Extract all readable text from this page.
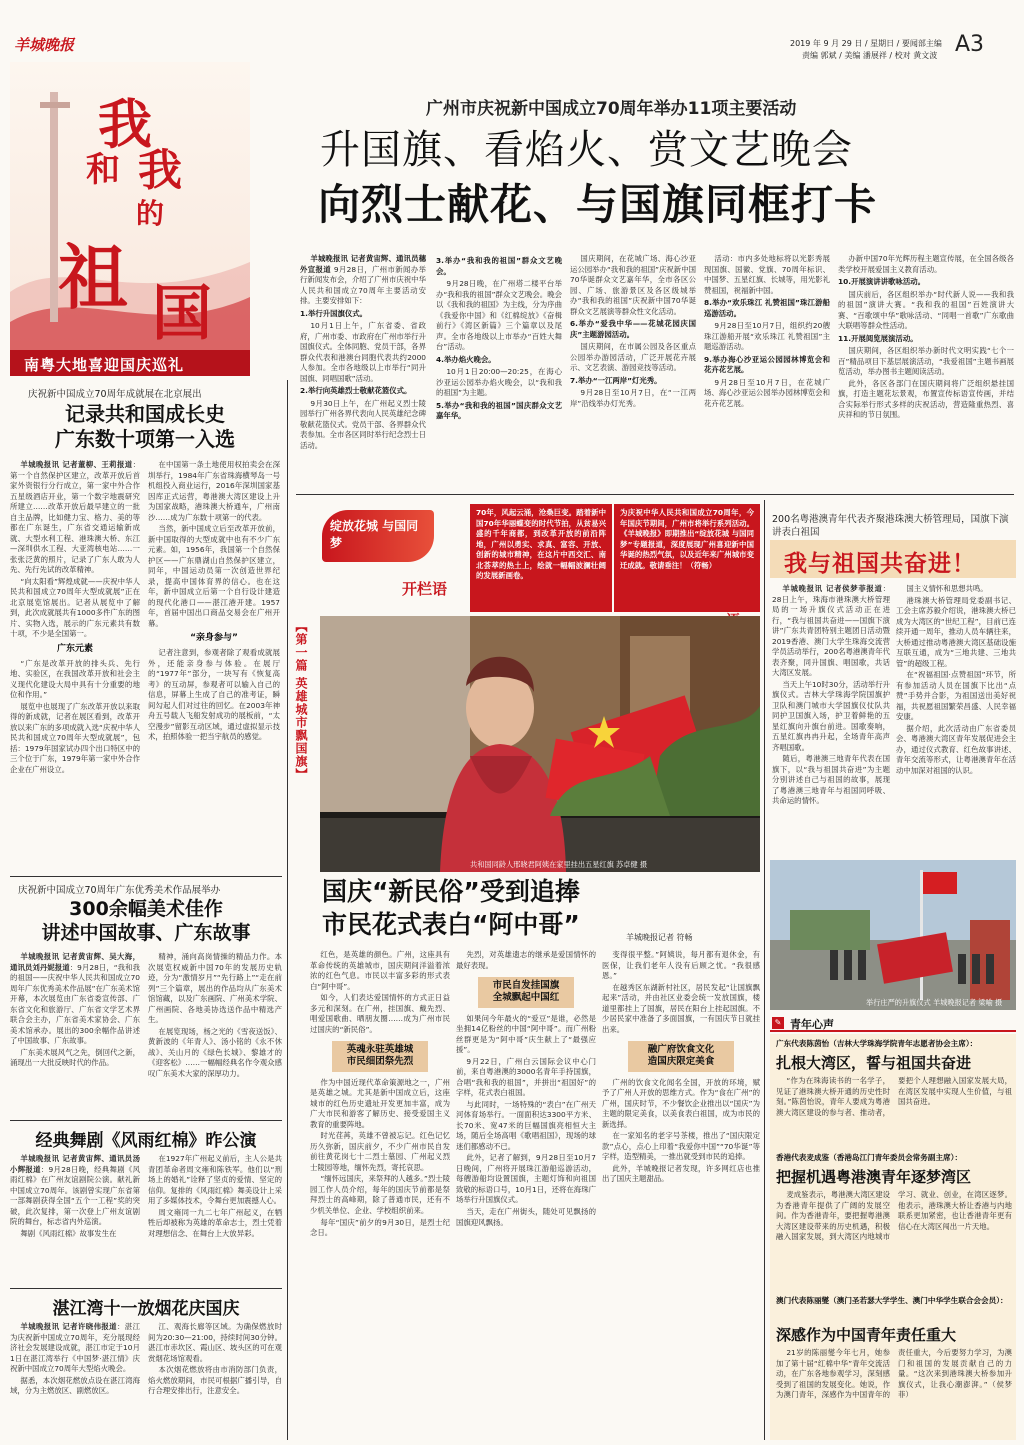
羊城晚报	2019 年 9 月 29 日 / 星期日 / 要闻部主编
责编 郭斌 / 美编 潘展祥 / 校对 黄文波 A3
我
和 我
的
祖 国
南粤大地喜迎国庆巡礼
庆祝新中国成立70周年成就展在北京展出
记录共和国成长史
广东数十项第一入选

羊城晚报讯 记者董柳、王莉报道：第一个自然保护区建立，改革开放后首家外资银行分行成立，第一家中外合作五星级酒店开业，第一个数字地震研究所建立……改革开放后最早建立的一批自主品牌，比如健力宝、格力、美的等都在广东诞生，广东省交通运输新成就、大型水利工程、港珠澳大桥、东江—深圳供水工程、大亚湾核电站……一张张泛黄的照片，记录了广东人敢为人先、先行先试的改革精神。

“向太阳看”辉煌成就——庆祝中华人民共和国成立70周年大型成就展”正在北京展览馆展出。记者从展览中了解到，此次成就展共有1000多件广东的图片、实物入选，展示的广东元素共有数十项，不少是全国第一。

广东元素

“广东是改革开放的排头兵、先行地、实验区，在我国改革开放和社会主义现代化建设大局中具有十分重要的地位和作用。”

展览中也展现了广东改革开放以来取得的新成就，记者在展区看到，改革开放以来广东的多项成就入选“庆祝中华人民共和国成立70周年大型成就展”，包括：1979年国家试办四个出口特区中的三个位于广东，1979年第一家中外合作企业在广州设立。

在中国第一条土地使用权拍卖会在深圳举行，1984年广东省珠海横琴岛一号机组投入商业运行，2016年深圳国家基因库正式运营，粤港澳大湾区建设上升为国家战略，港珠澳大桥通车，广州南沙……成为广东数十项第一的代表。

当然，新中国成立后至改革开放前，新中国取得的大型成就中也有不少广东元素。如，1956年，我国第一个自然保护区——广东鼎湖山自然保护区建立，同年，中国运动员第一次创造世界纪录，提高中国体育界的信心。也在这年，新中国成立后第一个自行设计建造的现代化港口——湛江港开建。1957年，首届中国出口商品交易会在广州开幕。

“亲身参与”

记者注意到，参观者除了观看成就展外，还能亲身参与体验。在展厅的“1977年”部分，一块写有《恢复高考》的互动屏，参观者可以输入自己的信息，屏幕上生成了自己的准考证，瞬间勾起人们对过往的回忆。在2003年神舟五号载人飞船发射成功的展板前，“太空漫步”留影互动区域，通过虚拟显示技术，拍照体验一把当宇航员的感觉。

庆祝新中国成立70周年广东优秀美术作品展举办
300余幅美术佳作
讲述中国故事、广东故事

羊城晚报讯 记者黄宙辉、吴大海，通讯员刘丹妮报道：9月28日，“我和我的祖国——庆祝中华人民共和国成立70周年广东优秀美术作品展”在广东美术馆开幕，本次展览由广东省委宣传部、广东省文化和旅游厅、广东省文学艺术界联合会主办，广东省美术家协会、广东美术馆承办。展出的300余幅作品讲述了中国故事、广东故事。

广东美术展风气之先，倒回代之新，涌现出一大批反映时代的作品。

精神，涌向高岗情操的精品力作。本次展览权威新中国70年的发展历史轨迹，分为“激情岁月”“先行路上”“走在前列”三个篇章，展出的作品均从广东美术馆馆藏，以及广东画院、广州美术学院、广州画院、各地美协选送作品中精选产生。

在展览现场，杨之光的《雪夜送饭》、黄新波的《年青人》、汤小铭的《永不休战》、关山月的《绿色长城》、黎雄才的《迎客松》……一幅幅经典名作令观众感叹广东美术大家的深厚功力。

经典舞剧《风雨红棉》昨公演

羊城晚报讯 记者黄宙辉、通讯员汤小辉报道：9月28日晚，经典舞剧《风雨红棉》在广州友谊剧院公演。献礼新中国成立70周年。该剧曾实现广东省第一部舞剧获得全国“五个一工程”奖的突破，此次复排，第一次登上广州友谊剧院的舞台，标志省内外巡演。

舞剧《风雨红棉》故事发生在

在1927年广州起义前后，主人公是共青团革命者周文雍和陈铁军。他们以“刑场上的婚礼”诠释了坚贞的爱情、坚定的信仰。复排的《风雨红棉》舞美设计上采用了多媒体技术，令舞台更加震撼人心。

周文雍同一九二七年广州起义，在牺牲后却被称为英雄的革命志士，烈士凭着对理想信念、在舞台上大放异彩。

湛江湾十一放烟花庆国庆

羊城晚报讯 记者许晓伟报道：湛江为庆祝新中国成立70周年，充分展现经济社会发展建设成就，湛江市定于10月1日在湛江湾举行《中国梦·湛江情》庆祝新中国成立70周年大型焰火晚会。

据悉，本次烟花燃放点设在湛江湾海域，分为主燃放区、副燃放区。

江、观海长廊等区域。为确保燃放时间为20:30—21:00，持续时间30分钟。湛江市赤坎区、霞山区、坡头区的可在观赏烟花场馆观看。

本次烟花燃放将由市消防部门负责，焰火燃放期间，市民可根据广播引导，自行合理安排出行，注意安全。

广州市庆祝新中国成立70周年举办11项主要活动
升国旗、看焰火、赏文艺晚会
向烈士献花、与国旗同框打卡

羊城晚报讯 记者黄宙辉、通讯员穗外宣报道 9月28日，广州市新闻办举行新闻发布会，介绍了广州市庆祝中华人民共和国成立70周年主要活动安排。主要安排如下：

1.举行升国旗仪式。

10月1日上午，广东省委、省政府，广州市委、市政府在广州市举行升国旗仪式。全体同胞、党员干部，各界群众代表和港澳台同胞代表共约2000人参加。全市各地级以上市举行“同升国旗、同唱国歌”活动。

2.举行向英雄烈士敬献花篮仪式。

9月30日上午，在广州起义烈士陵园举行广州各界代表向人民英雄纪念碑敬献花篮仪式。党员干部、各界群众代表参加。全市各区同时举行纪念烈士日活动。

3.举办“我和我的祖国”群众文艺晚会。

9月28日晚，在广州塔二楼平台举办“我和我的祖国”群众文艺晚会。晚会以《我和我的祖国》为主线，分为序曲《我爱你中国》和《红棉绽放》《奋楫前行》《湾区新篇》三个篇章以及尾声。全市各地级以上市举办“百姓大舞台”活动。

4.举办焰火晚会。

10月1日20:00—20:25，在海心沙亚运公园举办焰火晚会，以“我和我的祖国”为主题。

5.举办“我和我的祖国”国庆群众文艺嘉年华。

国庆期间，在花城广场、海心沙亚运公园举办“我和我的祖国”庆祝新中国70华诞群众文艺嘉年华，全市各区公园、广场、旅游景区及各区级城举办“我和我的祖国”庆祝新中国70华诞群众文艺展演等群众性文化活动。

6.举办“爱我中华——花城花园庆国庆”主题游园活动。

国庆期间，在市属公园及各区重点公园举办游园活动，广泛开展花卉展示、文艺表演、游园竞技等活动。

7.举办“一江两岸”灯光秀。

9月28日至10月7日，在“一江两岸”沿线举办灯光秀。

活动：市内多处地标将以光影秀展现国旗、国徽、党旗、70周年标识、中国梦、五星红旗、长城等，用光影礼赞祖国，祝福新中国。

8.举办“欢乐珠江 礼赞祖国”珠江游船巡游活动。

9月28日至10月7日，组织约20艘珠江游船开展“欢乐珠江 礼赞祖国”主题巡游活动。

9.举办海心沙亚运公园园林博览会和花卉花艺展。

9月28日至10月7日，在花城广场、海心沙亚运公园举办园林博览会和花卉花艺展。

办新中国70年光辉历程主题宣传展，在全国各级各类学校开展爱国主义教育活动。

10.开展演讲讲歌咏活动。

国庆前后，各区组织举办“时代新人说——我和我的祖国”演讲大赛。“我和我的祖国”百姓演讲大赛、“百歌颂中华”歌咏活动、“同唱一首歌”广东歌曲大联唱等群众性活动。

11.开展阅览展演活动。

国庆期间，各区组织举办新时代文明实践“七个一百”精品项目下基层展演活动，“我爱祖国”主题书画展览活动，举办图书主题阅读活动。

此外，各区各部门在国庆期间将广泛组织悬挂国旗，打造主题花坛景观，布置宣传标语宣传画，并结合实际举行形式多样的庆祝活动，营造隆重热烈、喜庆祥和的节日氛围。

绽放花城 与国同梦
开栏语
70年，风起云涌，沧桑巨变。踏着新中国70年华丽蝶变的时代节拍，从贫易兴盛的千年商都，到改革开放的前沿阵地，广州以勇实、求真、富容、开放、创新的城市精神，在这片中西交汇、南北荟萃的热土上，绘就一幅幅波澜壮阔的发展新画卷。
为庆祝中华人民共和国成立70周年，今年国庆节期间，广州市将举行系列活动。《羊城晚报》即期推出“绽放花城 与国同梦”专题报道，深度展现广州喜迎新中国华诞的热烈气氛，以及近年来广州城市变迁成就。敬请垂注！（符畅）
【第一篇 英雄城市飘国旗】
共和国同龄人邢晓君阿姨在家里挂出五星红旗 苏卓健 摄
国庆“新民俗”受到追捧
市民花式表白“阿中哥”	羊城晚报记者 符畅

红色，是英雄的颜色。广州，这座具有革命传统的英雄城市，国庆期间洋溢着浓浓的红色气息。市民以丰富多彩的形式表白“阿中哥”。

如今，人们表达爱国情怀的方式正日益多元和深刻。在广州，挂国旗、戴先烈、唱爱国歌曲、晒朋友圈……成为广州市民过国庆的“新民俗”。

英魂永驻英雄城
市民细团祭先烈

作为中国近现代革命策源地之一，广州是英雄之城。尤其是新中国成立后，这座城市的红色历史遗址开发更加丰富，成为广大市民和游客了解历史、接受爱国主义教育的重要阵地。

时光荏苒，英雄不曾被忘记。红色记忆历久弥新，国庆前夕，不少广州市民自发前往黄花岗七十二烈士墓园、广州起义烈士陵园等地，缅怀先烈，寄托哀思。

“缅怀远国庆，来祭拜的人越多。”烈士陵园工作人员介绍，每年的国庆节前都是祭拜烈士的高峰期，除了普通市民，还有不少机关单位、企业、学校组织前来。

每年“国庆”前夕的9月30日，是烈士纪念日。

先烈，对英雄遗志的继承是爱国情怀的最好表现。

市民自发挂国旗
全城飘起中国红

如果问今年最火的“爱豆”是谁，必然是坐拥14亿粉丝的中国“阿中哥”。而广州粉丝群更是为“阿中哥”庆生献上了“最强应援”。

9月22日，广州白云国际会议中心门前，来自粤港澳的3000名青年手持国旗，合唱“我和我的祖国”，并拼出“祖国好”的字样，花式表白祖国。

与此同时，一场特殊的“表白”在广州天河体育场举行。一面面积达3300平方米、长70米、宽47米的巨幅国旗亮相恒大主场，随后全场高唱《歌唱祖国》，现场的球迷们都感动不已。

此外，记者了解到，9月28日至10月7日晚间，广州将开展珠江游船巡游活动，每艘游船均设置国旗，主题灯饰和向祖国致敬的标语口号，10月1日，还将在海珠广场举行升国旗仪式。

当天，走在广州街头，随处可见飘扬的国旗迎风飘扬。

变得很平整。”阿姨说，每月都有退休金，有医保，让我们老年人没有后顾之忧。“我很感恩。”

在越秀区东湖新村社区，居民发起“让国旗飘起来”活动，并由社区业委会统一发放国旗，楼道里都挂上了国旗，居民在阳台上挂起国旗。不少居民家中准备了多面国旗，一有国庆节日就挂出来。

融广府饮食文化
造国庆限定美食

广州的饮食文化闻名全国，开放的环境，赋予了广州人开放的思维方式。作为“食在广州”的广州，国庆时节，不少餐饮企业推出以“国庆”为主题的限定美食，以美食表白祖国，成为市民的新选择。

在一家知名的老字号茶楼，推出了“国庆限定款”点心，点心上印着“我爱你中国”“70华诞”等字样，造型精美，一推出就受到市民的追捧。

此外，羊城晚报记者发现，许多网红店也推出了国庆主题甜品。

200名粤港澳青年代表齐聚港珠澳大桥管理局，国旗下演讲表白祖国
我与祖国共奋进！

羊城晚报讯 记者侯梦菲报道：28日上午，珠海市港珠澳大桥管理局的一场升旗仪式活动正在进行，“我与祖国共奋进——国旗下演讲”广东共青团特别主题团日活动暨2019香港、澳门大学生珠海交流营学员活动举行，200名粤港澳青年代表齐聚，同升国旗、唱国歌，共话大湾区发展。

当天上午10时30分，活动举行升旗仪式。吉林大学珠海学院国旗护卫队和澳门城市大学国旗仪仗队共同护卫国旗入场，护卫着鲜艳的五星红旗向升旗台前进。国歌奏响，五星红旗冉冉升起，全场青年高声齐唱国歌。

随后，粤港澳三地青年代表在国旗下，以“我与祖国共奋进”为主题分别讲述自己与祖国的故事，展现了粤港澳三地青年与祖国同呼吸、共命运的情怀。

国主义情怀和思想共鸣。

港珠澳大桥管理局党委副书记、工会主席苏毅介绍说，港珠澳大桥已成为大湾区的“世纪工程”，目前已连续开通一周年，推动人员车辆往来，大桥通过推动粤港澳大湾区基础设施互联互通，成为“三地共建、三地共管”的超级工程。

在“祝福祖国·点赞祖国”环节，所有参加活动人员在国旗下比出“点赞”手势并合影，为祖国送出美好祝福，共祝愿祖国繁荣昌盛、人民幸福安康。

据介绍，此次活动由广东省委员会、粤港澳大湾区青年发展促进会主办，通过仪式教育、红色故事讲述、青年交流等形式，让粤港澳青年在活动中加深对祖国的认识。

举行庄严的升旗仪式 羊城晚报记者 梁喻 摄
✎ 青年心声
广东代表陈茵怡（吉林大学珠海学院青年志愿者协会主席）：
扎根大湾区，誓与祖国共奋进

“作为在珠海读书的一名学子，见证了港珠澳大桥开通的历史性时刻。”陈茵怡说，青年人要成为粤港澳大湾区建设的参与者、推动者，要把个人理想融入国家发展大局，在湾区发展中实现人生价值，与祖国共奋进。

香港代表麦成鉴（香港岛江门青年委员会常务副主席）：
把握机遇粤港澳青年逐梦湾区

麦成鉴表示，粤港澳大湾区建设为香港青年提供了广阔的发展空间。作为香港青年，要把握粤港澳大湾区建设带来的历史机遇，积极融入国家发展，到大湾区内地城市学习、就业、创业，在湾区逐梦。他表示，港珠澳大桥让香港与内地联系更加紧密，也让香港青年更有信心在大湾区闯出一片天地。

澳门代表陈丽燮（澳门圣若瑟大学学生、澳门中华学生联合会会员）：
深感作为中国青年责任重大

21岁的陈丽燮今年七月，她参加了第十届“红棉中华”青年交流活动，在广东各地参观学习，深刻感受到了祖国的发展变化。她说，作为澳门青年，深感作为中国青年的责任重大，今后要努力学习，为澳门和祖国的发展贡献自己的力量。“这次来到港珠澳大桥参加升旗仪式，让我心潮澎湃。”（侯梦菲）
